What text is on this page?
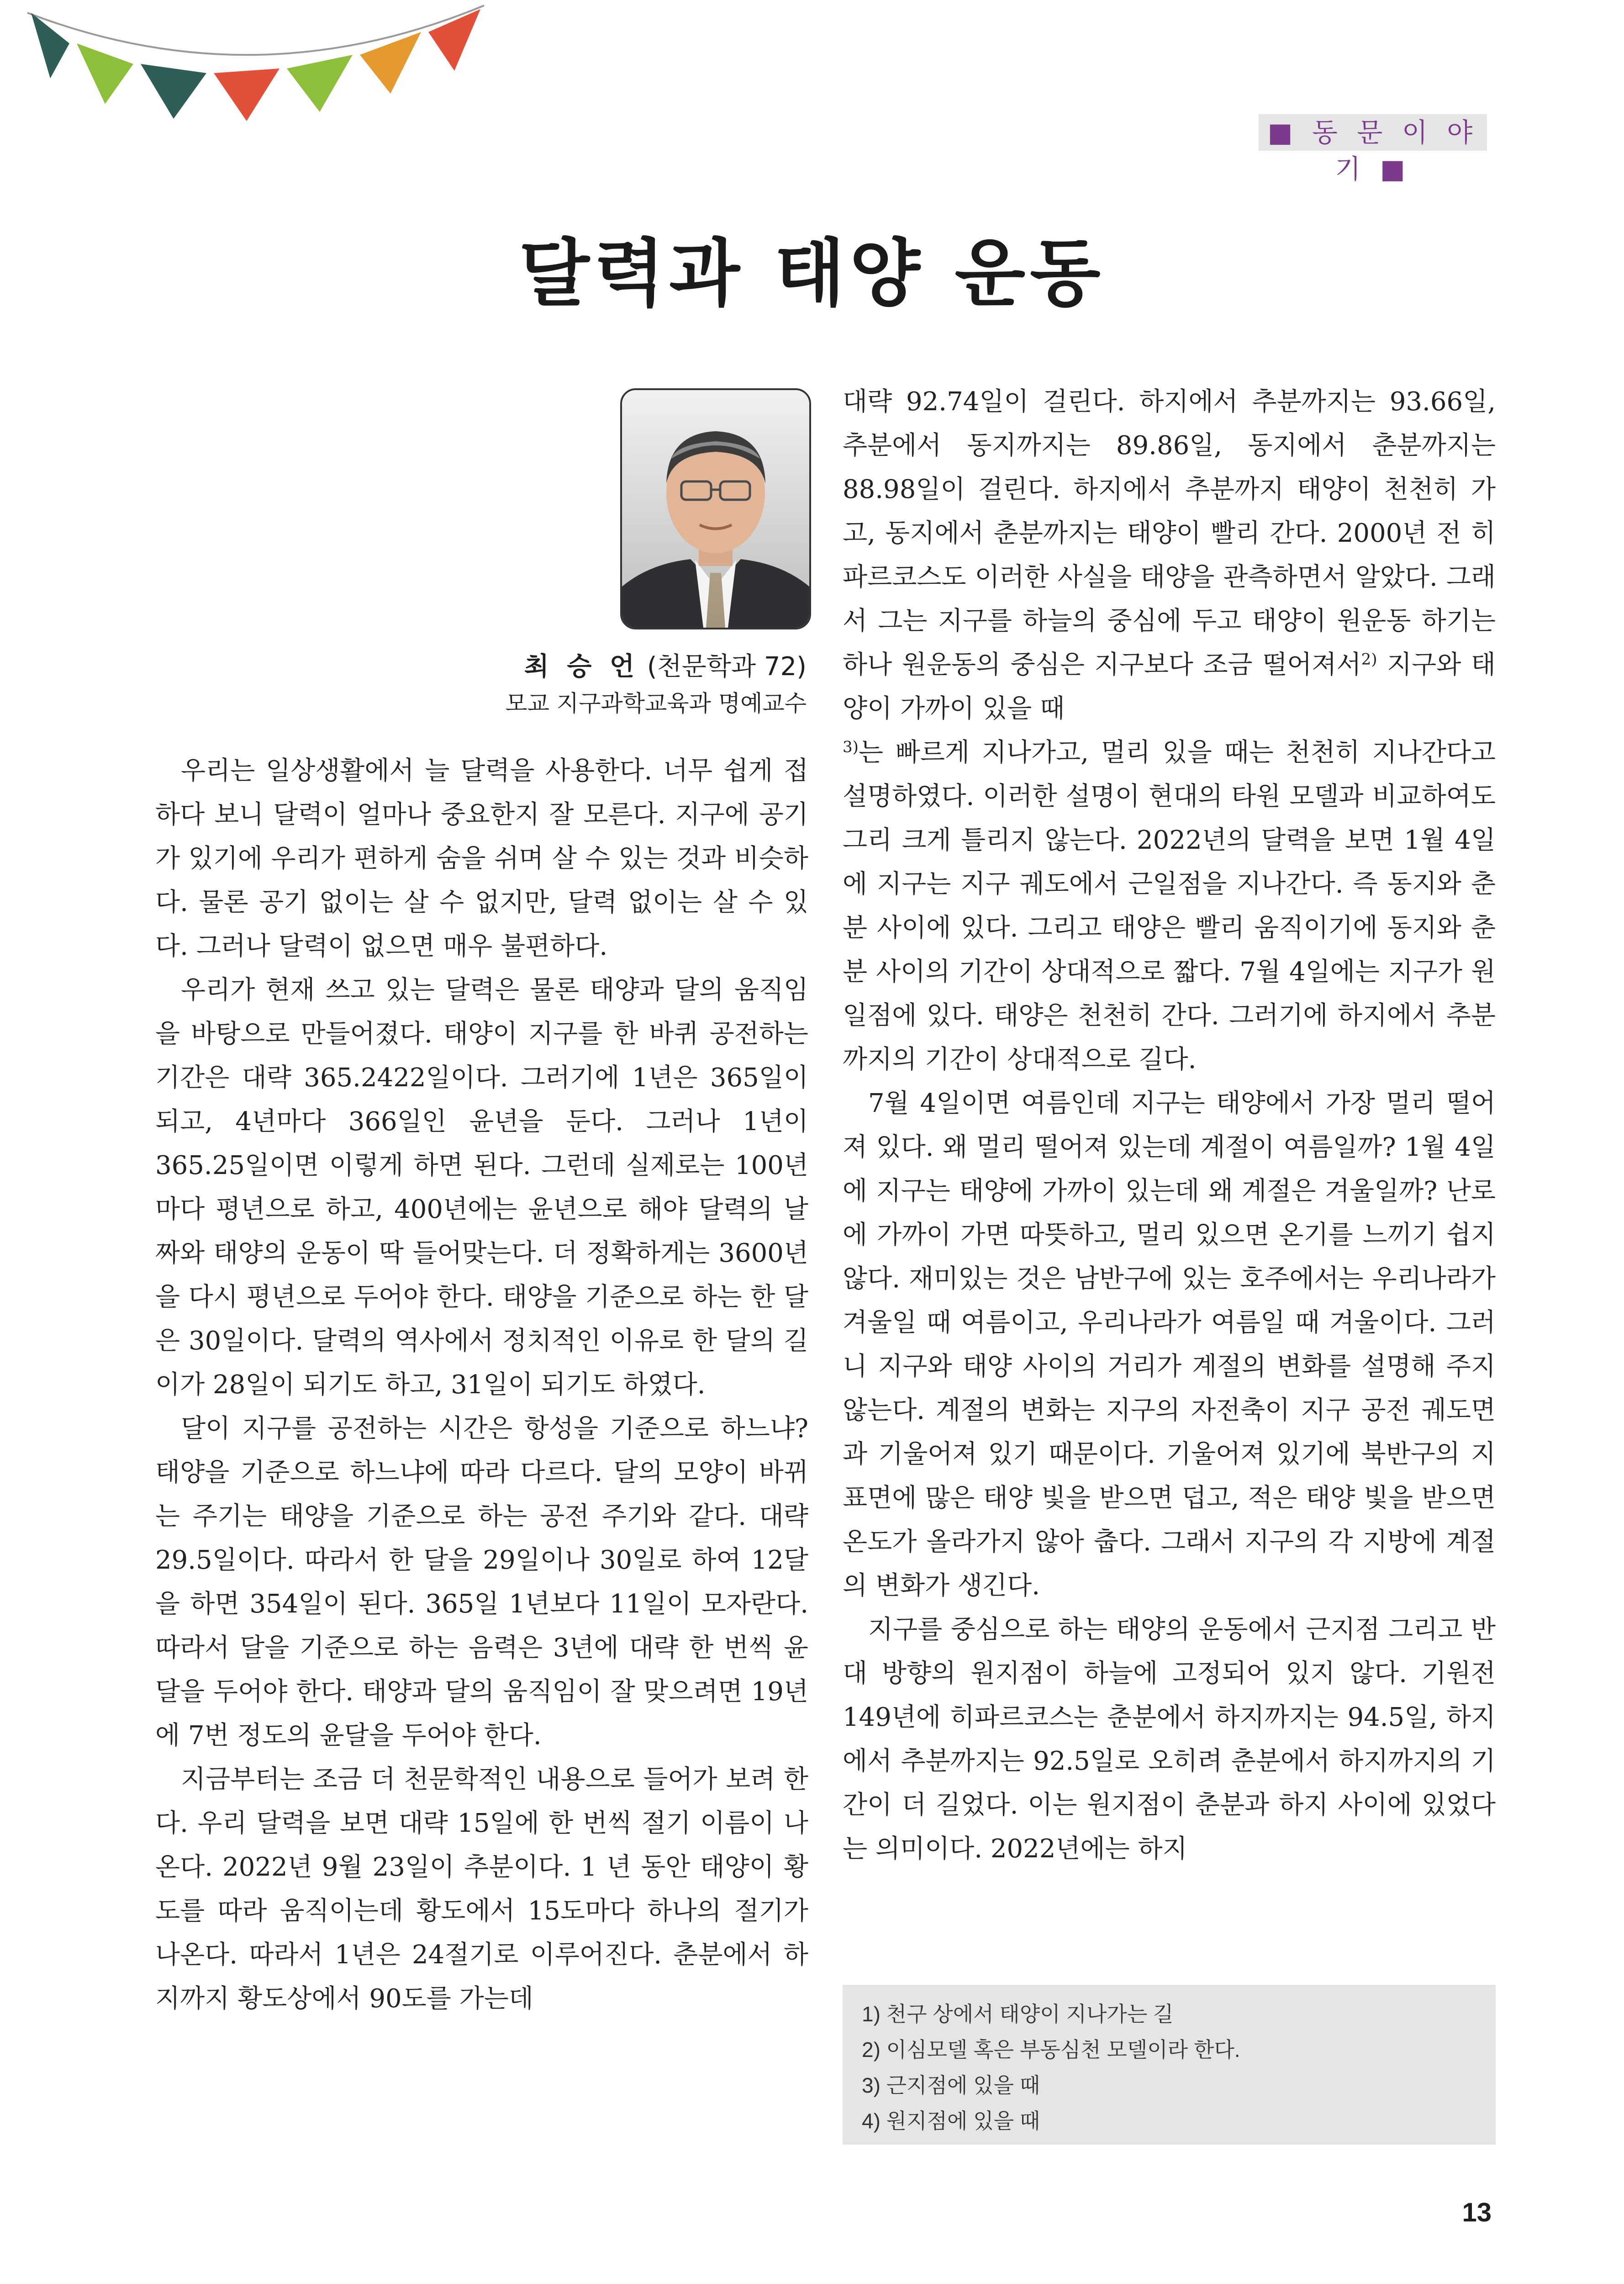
■ 동 문 이 야 기 ■
달력과 태양 운동
최 승 언 (천문학과 72)
모교 지구과학교육과 명예교수

우리는 일상생활에서 늘 달력을 사용한다. 너무 쉽게 접하다 보니 달력이 얼마나 중요한지 잘 모른다. 지구에 공기가 있기에 우리가 편하게 숨을 쉬며 살 수 있는 것과 비슷하다. 물론 공기 없이는 살 수 없지만, 달력 없이는 살 수 있다. 그러나 달력이 없으면 매우 불편하다.

우리가 현재 쓰고 있는 달력은 물론 태양과 달의 움직임을 바탕으로 만들어졌다. 태양이 지구를 한 바퀴 공전하는 기간은 대략 365.2422일이다. 그러기에 1년은 365일이 되고, 4년마다 366일인 윤년을 둔다. 그러나 1년이 365.25일이면 이렇게 하면 된다. 그런데 실제로는 100년마다 평년으로 하고, 400년에는 윤년으로 해야 달력의 날짜와 태양의 운동이 딱 들어맞는다. 더 정확하게는 3600년을 다시 평년으로 두어야 한다. 태양을 기준으로 하는 한 달은 30일이다. 달력의 역사에서 정치적인 이유로 한 달의 길이가 28일이 되기도 하고, 31일이 되기도 하였다.

달이 지구를 공전하는 시간은 항성을 기준으로 하느냐? 태양을 기준으로 하느냐에 따라 다르다. 달의 모양이 바뀌는 주기는 태양을 기준으로 하는 공전 주기와 같다. 대략 29.5일이다. 따라서 한 달을 29일이나 30일로 하여 12달을 하면 354일이 된다. 365일 1년보다 11일이 모자란다. 따라서 달을 기준으로 하는 음력은 3년에 대략 한 번씩 윤달을 두어야 한다. 태양과 달의 움직임이 잘 맞으려면 19년에 7번 정도의 윤달을 두어야 한다.

지금부터는 조금 더 천문학적인 내용으로 들어가 보려 한다. 우리 달력을 보면 대략 15일에 한 번씩 절기 이름이 나온다. 2022년 9월 23일이 추분이다. 1 년 동안 태양이 황도를 따라 움직이는데 황도에서 15도마다 하나의 절기가 나온다. 따라서 1년은 24절기로 이루어진다. 춘분에서 하지까지 황도상에서 90도를 가는데

대략 92.74일이 걸린다. 하지에서 추분까지는 93.66일, 추분에서 동지까지는 89.86일, 동지에서 춘분까지는 88.98일이 걸린다. 하지에서 추분까지 태양이 천천히 가고, 동지에서 춘분까지는 태양이 빨리 간다. 2000년 전 히파르코스도 이러한 사실을 태양을 관측하면서 알았다. 그래서 그는 지구를 하늘의 중심에 두고 태양이 원운동 하기는 하나 원운동의 중심은 지구보다 조금 떨어져서$^{2)}$ 지구와 태양이 가까이 있을 때
$^{3)}$는 빠르게 지나가고, 멀리 있을 때는 천천히 지나간다고 설명하였다. 이러한 설명이 현대의 타원 모델과 비교하여도 그리 크게 틀리지 않는다. 2022년의 달력을 보면 1월 4일에 지구는 지구 궤도에서 근일점을 지나간다. 즉 동지와 춘분 사이에 있다. 그리고 태양은 빨리 움직이기에 동지와 춘분 사이의 기간이 상대적으로 짧다. 7월 4일에는 지구가 원일점에 있다. 태양은 천천히 간다. 그러기에 하지에서 추분까지의 기간이 상대적으로 길다.

7월 4일이면 여름인데 지구는 태양에서 가장 멀리 떨어져 있다. 왜 멀리 떨어져 있는데 계절이 여름일까? 1월 4일에 지구는 태양에 가까이 있는데 왜 계절은 겨울일까? 난로에 가까이 가면 따뜻하고, 멀리 있으면 온기를 느끼기 쉽지 않다. 재미있는 것은 남반구에 있는 호주에서는 우리나라가 겨울일 때 여름이고, 우리나라가 여름일 때 겨울이다. 그러니 지구와 태양 사이의 거리가 계절의 변화를 설명해 주지 않는다. 계절의 변화는 지구의 자전축이 지구 공전 궤도면과 기울어져 있기 때문이다. 기울어져 있기에 북반구의 지표면에 많은 태양 빛을 받으면 덥고, 적은 태양 빛을 받으면 온도가 올라가지 않아 춥다. 그래서 지구의 각 지방에 계절의 변화가 생긴다.

지구를 중심으로 하는 태양의 운동에서 근지점 그리고 반대 방향의 원지점이 하늘에 고정되어 있지 않다. 기원전 149년에 히파르코스는 춘분에서 하지까지는 94.5일, 하지에서 추분까지는 92.5일로 오히려 춘분에서 하지까지의 기간이 더 길었다. 이는 원지점이 춘분과 하지 사이에 있었다는 의미이다. 2022년에는 하지

1) 천구 상에서 태양이 지나가는 길
2) 이심모델 혹은 부동심천 모델이라 한다.
3) 근지점에 있을 때
4) 원지점에 있을 때
13
